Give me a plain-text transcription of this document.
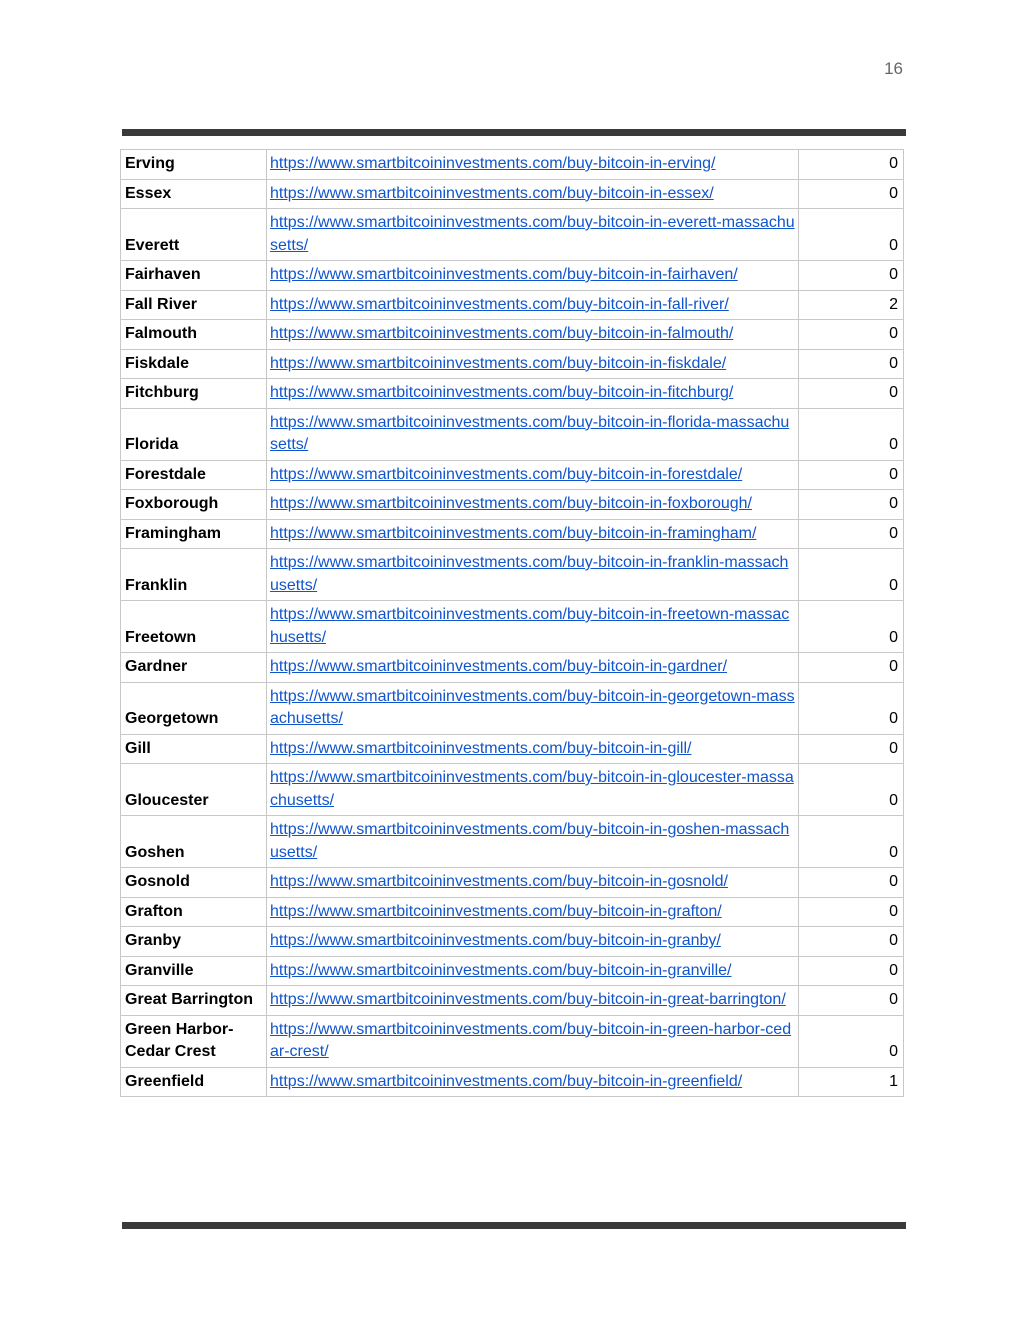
16
Erving	https://www.smartbitcoininvestments.com/buy-bitcoin-in-erving/	0
Essex	https://www.smartbitcoininvestments.com/buy-bitcoin-in-essex/	0
Everett	https://www.smartbitcoininvestments.com/buy-bitcoin-in-everett-massachusetts/	0
Fairhaven	https://www.smartbitcoininvestments.com/buy-bitcoin-in-fairhaven/	0
Fall River	https://www.smartbitcoininvestments.com/buy-bitcoin-in-fall-river/	2
Falmouth	https://www.smartbitcoininvestments.com/buy-bitcoin-in-falmouth/	0
Fiskdale	https://www.smartbitcoininvestments.com/buy-bitcoin-in-fiskdale/	0
Fitchburg	https://www.smartbitcoininvestments.com/buy-bitcoin-in-fitchburg/	0
Florida	https://www.smartbitcoininvestments.com/buy-bitcoin-in-florida-massachusetts/	0
Forestdale	https://www.smartbitcoininvestments.com/buy-bitcoin-in-forestdale/	0
Foxborough	https://www.smartbitcoininvestments.com/buy-bitcoin-in-foxborough/	0
Framingham	https://www.smartbitcoininvestments.com/buy-bitcoin-in-framingham/	0
Franklin	https://www.smartbitcoininvestments.com/buy-bitcoin-in-franklin-massachusetts/	0
Freetown	https://www.smartbitcoininvestments.com/buy-bitcoin-in-freetown-massachusetts/	0
Gardner	https://www.smartbitcoininvestments.com/buy-bitcoin-in-gardner/	0
Georgetown	https://www.smartbitcoininvestments.com/buy-bitcoin-in-georgetown-massachusetts/	0
Gill	https://www.smartbitcoininvestments.com/buy-bitcoin-in-gill/	0
Gloucester	https://www.smartbitcoininvestments.com/buy-bitcoin-in-gloucester-massachusetts/	0
Goshen	https://www.smartbitcoininvestments.com/buy-bitcoin-in-goshen-massachusetts/	0
Gosnold	https://www.smartbitcoininvestments.com/buy-bitcoin-in-gosnold/	0
Grafton	https://www.smartbitcoininvestments.com/buy-bitcoin-in-grafton/	0
Granby	https://www.smartbitcoininvestments.com/buy-bitcoin-in-granby/	0
Granville	https://www.smartbitcoininvestments.com/buy-bitcoin-in-granville/	0
Great Barrington	https://www.smartbitcoininvestments.com/buy-bitcoin-in-great-barrington/	0
Green Harbor-Cedar Crest	https://www.smartbitcoininvestments.com/buy-bitcoin-in-green-harbor-cedar-crest/	0
Greenfield	https://www.smartbitcoininvestments.com/buy-bitcoin-in-greenfield/	1
